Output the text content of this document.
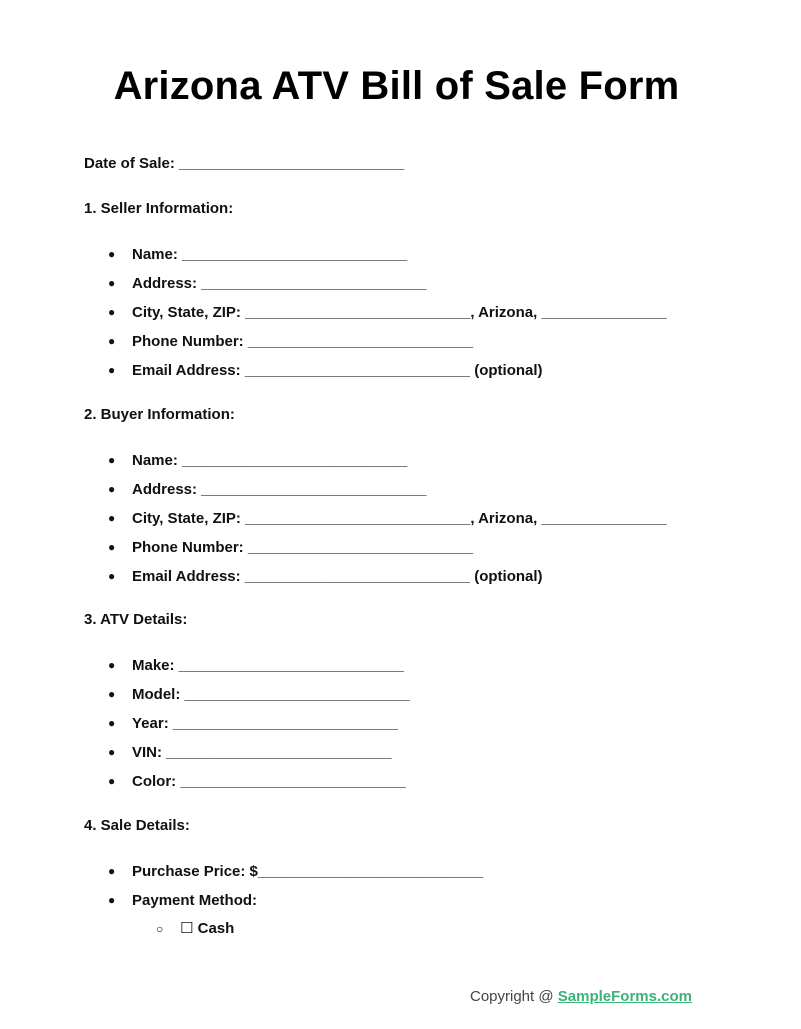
Arizona ATV Bill of Sale Form
Date of Sale: ___________________________
1. Seller Information:
● Name: ___________________________
● Address: ___________________________
● City, State, ZIP: ___________________________, Arizona, _______________
● Phone Number: ___________________________
● Email Address: ___________________________ (optional)
2. Buyer Information:
● Name: ___________________________
● Address: ___________________________
● City, State, ZIP: ___________________________, Arizona, _______________
● Phone Number: ___________________________
● Email Address: ___________________________ (optional)
3. ATV Details:
● Make: ___________________________
● Model: ___________________________
● Year: ___________________________
● VIN: ___________________________
● Color: ___________________________
4. Sale Details:
● Purchase Price: $___________________________
● Payment Method:
○ ☐ Cash
Copyright @ SampleForms.com
